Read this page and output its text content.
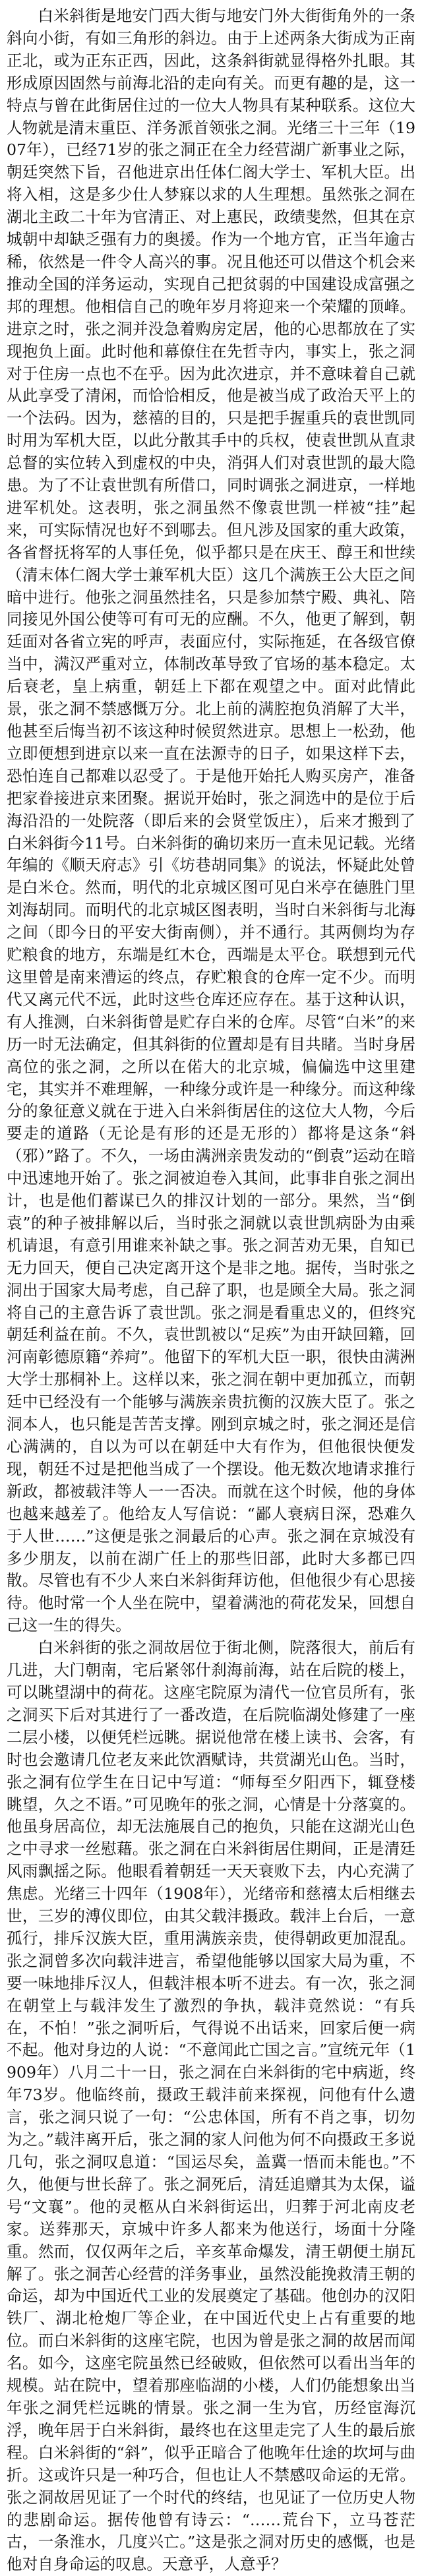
白米斜街是地安门西大街与地安门外大街街角外的一条斜向小街，有如三角形的斜边。由于上述两条大街成为正南正北，或为正东正西，因此，这条斜街就显得格外扎眼。其形成原因固然与前海北沿的走向有关。而更有趣的是，这一特点与曾在此街居住过的一位大人物具有某种联系。这位大人物就是清末重臣、洋务派首领张之洞。光绪三十三年（1907年），已经71岁的张之洞正在全力经营湖广新事业之际，朝廷突然下旨，召他进京出任体仁阁大学士、军机大臣。出将入相，这是多少仕人梦寐以求的人生理想。虽然张之洞在湖北主政二十年为官清正、对上惠民，政绩斐然，但其在京城朝中却缺乏强有力的奥援。作为一个地方官，正当年逾古稀，依然是一件令人高兴的事。况且他还可以借这个机会来推动全国的洋务运动，实现自己把贫弱的中国建设成富强之邦的理想。他相信自己的晚年岁月将迎来一个荣耀的顶峰。进京之时，张之洞并没急着购房定居，他的心思都放在了实现抱负上面。此时他和幕僚住在先哲寺内，事实上，张之洞对于住房一点也不在乎。因为此次进京，并不意味着自己就从此享受了清闲，而恰恰相反，他是被当成了政治天平上的一个法码。因为，慈禧的目的，只是把手握重兵的袁世凯同时用为军机大臣，以此分散其手中的兵权，使袁世凯从直隶总督的实位转入到虚权的中央，消弭人们对袁世凯的最大隐患。为了不让袁世凯有所借口，同时调张之洞进京，一样地进军机处。这表明，张之洞虽然不像袁世凯一样被“挂”起来，可实际情况也好不到哪去。但凡涉及国家的重大政策，各省督抚将军的人事任免，似乎都只是在庆王、醇王和世续（清末体仁阁大学士兼军机大臣）这几个满族王公大臣之间暗中进行。他张之洞虽然挂名，只是参加禁宁殿、典礼、陪同接见外国公使等可有可无的应酬。不久，他更了解到，朝廷面对各省立宪的呼声，表面应付，实际拖延，在各级官僚当中，满汉严重对立，体制改革导致了官场的基本稳定。太后衰老，皇上病重，朝廷上下都在观望之中。面对此情此景，张之洞不禁感慨万分。北上前的满腔抱负消解了大半，他甚至后悔当初不该这种时候贸然进京。思想上一松劲，他立即便想到进京以来一直在法源寺的日子，如果这样下去，恐怕连自己都难以忍受了。于是他开始托人购买房产，准备把家眷接进京来团聚。据说开始时，张之洞选中的是位于后海沿沿的一处院落（即后来的会贤堂饭庄），后来才搬到了白米斜街今11号。白米斜街的确切来历一直未见记载。光绪年编的《顺天府志》引《坊巷胡同集》的说法，怀疑此处曾是白米仓。然而，明代的北京城区图可见白米亭在德胜门里刘海胡同。而明代的北京城区图表明，当时白米斜街与北海之间（即今日的平安大街南侧），并不通行。其两侧均为存贮粮食的地方，东端是红木仓，西端是太平仓。联想到元代这里曾是南来漕运的终点，存贮粮食的仓库一定不少。而明代又离元代不远，此时这些仓库还应存在。基于这种认识，有人推测，白米斜街曾是贮存白米的仓库。尽管“白米”的来历一时无法确定，但其斜街的位置却是有目共睹。当时身居高位的张之洞，之所以在偌大的北京城，偏偏选中这里建宅，其实并不难理解，一种缘分或许是一种缘分。而这种缘分的象征意义就在于进入白米斜街居住的这位大人物，今后要走的道路（无论是有形的还是无形的）都将是这条“斜（邪）”路了。不久，一场由满洲亲贵发动的“倒袁”运动在暗中迅速地开始了。张之洞被迫卷入其间，此事非自张之洞出计，也是他们蓄谋已久的排汉计划的一部分。果然，当“倒袁”的种子被排解以后，当时张之洞就以袁世凯病卧为由乘机请退，有意引用谁来补缺之事。张之洞苦劝无果，自知已无力回天，便自己决定离开这个是非之地。据传，当时张之洞出于国家大局考虑，自己辞了职，也是顾全大局。张之洞将自己的主意告诉了袁世凯。张之洞是看重忠义的，但终究朝廷利益在前。不久，袁世凯被以“足疾”为由开缺回籍，回河南彰德原籍“养疴”。他留下的军机大臣一职，很快由满洲大学士那桐补上。这样以来，张之洞在朝中更加孤立，而朝廷中已经没有一个能够与满族亲贵抗衡的汉族大臣了。张之洞本人，也只能是苦苦支撑。刚到京城之时，张之洞还是信心满满的，自以为可以在朝廷中大有作为，但他很快便发现，朝廷不过是把他当成了一个摆设。他无数次地请求推行新政，都被载沣等人一一否决。而就在这个时候，他的身体也越来越差了。他给友人写信说：“鄙人衰病日深，恐难久于人世……”这便是张之洞最后的心声。张之洞在京城没有多少朋友，以前在湖广任上的那些旧部，此时大多都已四散。尽管也有不少人来白米斜街拜访他，但他很少有心思接待。他时常一个人坐在院中，望着满池的荷花发呆，回想自己这一生的得失。

白米斜街的张之洞故居位于街北侧，院落很大，前后有几进，大门朝南，宅后紧邻什刹海前海，站在后院的楼上，可以眺望湖中的荷花。这座宅院原为清代一位官员所有，张之洞买下后对其进行了一番改造，在后院临湖处修建了一座二层小楼，以便凭栏远眺。据说他常在楼上读书、会客，有时也会邀请几位老友来此饮酒赋诗，共赏湖光山色。当时，张之洞有位学生在日记中写道：“师每至夕阳西下，辄登楼眺望，久之不语。”可见晚年的张之洞，心情是十分落寞的。他虽身居高位，却无法施展自己的抱负，只能在这湖光山色之中寻求一丝慰藉。张之洞在白米斜街居住期间，正是清廷风雨飘摇之际。他眼看着朝廷一天天衰败下去，内心充满了焦虑。光绪三十四年（1908年），光绪帝和慈禧太后相继去世，三岁的溥仪即位，由其父载沣摄政。载沣上台后，一意孤行，排斥汉族大臣，重用满族亲贵，使得朝政更加混乱。张之洞曾多次向载沣进言，希望他能够以国家大局为重，不要一味地排斥汉人，但载沣根本听不进去。有一次，张之洞在朝堂上与载沣发生了激烈的争执，载沣竟然说：“有兵在，不怕！”张之洞听后，气得说不出话来，回家后便一病不起。他对身边的人说：“不意闻此亡国之言。”宣统元年（1909年）八月二十一日，张之洞在白米斜街的宅中病逝，终年73岁。他临终前，摄政王载沣前来探视，问他有什么遗言，张之洞只说了一句：“公忠体国，所有不肖之事，切勿为之。”载沣离开后，张之洞的家人问他为何不向摄政王多说几句，张之洞叹息道：“国运尽矣，盖冀一悟而未能也。”不久，他便与世长辞了。张之洞死后，清廷追赠其为太保，谥号“文襄”。他的灵柩从白米斜街运出，归葬于河北南皮老家。送葬那天，京城中许多人都来为他送行，场面十分隆重。然而，仅仅两年之后，辛亥革命爆发，清王朝便土崩瓦解了。张之洞苦心经营的洋务事业，虽然没能挽救清王朝的命运，却为中国近代工业的发展奠定了基础。他创办的汉阳铁厂、湖北枪炮厂等企业，在中国近代史上占有重要的地位。而白米斜街的这座宅院，也因为曾是张之洞的故居而闻名。如今，这座宅院虽然已经破败，但依然可以看出当年的规模。站在院中，望着那座临湖的小楼，人们仍能想象出当年张之洞凭栏远眺的情景。张之洞一生为官，历经宦海沉浮，晚年居于白米斜街，最终也在这里走完了人生的最后旅程。白米斜街的“斜”，似乎正暗合了他晚年仕途的坎坷与曲折。这或许只是一种巧合，但也让人不禁感叹命运的无常。张之洞故居见证了一个时代的终结，也见证了一位历史人物的悲剧命运。据传他曾有诗云：“……荒台下，立马苍茫古，一条淮水，几度兴亡。”这是张之洞对历史的感慨，也是他对自身命运的叹息。天意乎，人意乎？
